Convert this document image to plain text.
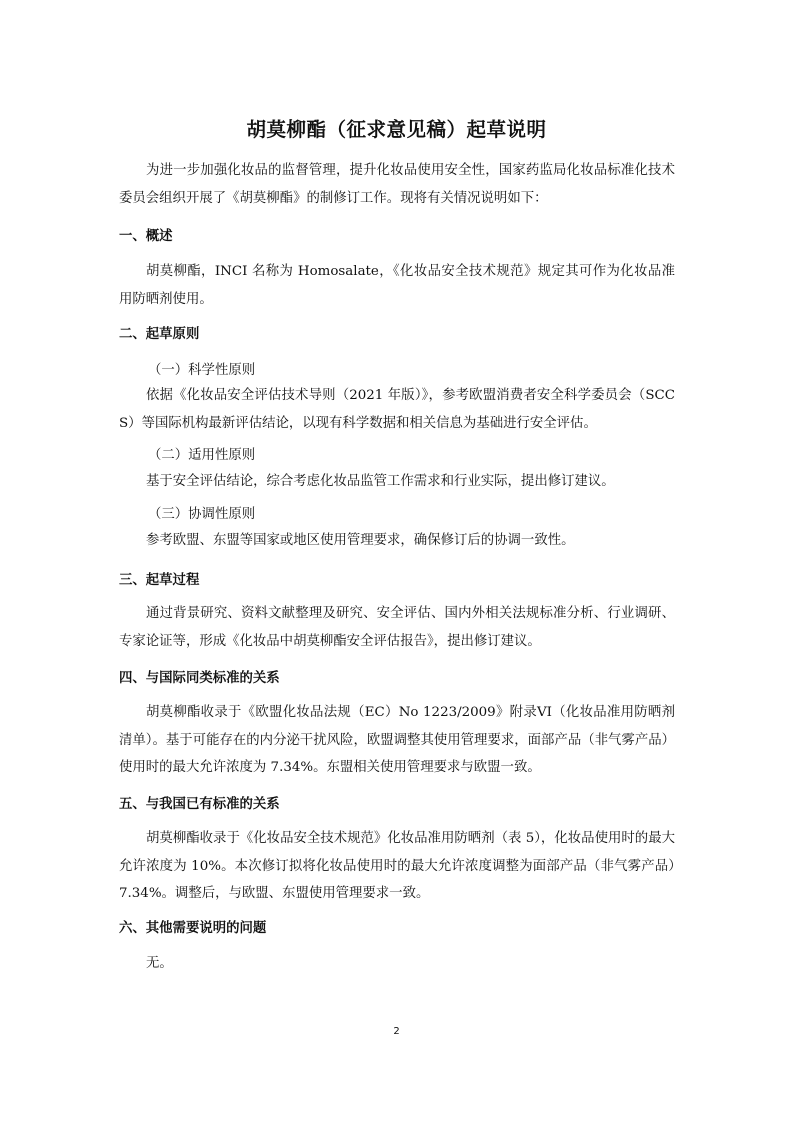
胡莫柳酯（征求意见稿）起草说明

为进一步加强化妆品的监督管理，提升化妆品使用安全性，国家药监局化妆品标准化技术委员会组织开展了《胡莫柳酯》的制修订工作。现将有关情况说明如下：

一、概述

胡莫柳酯，INCI 名称为 Homosalate，《化妆品安全技术规范》规定其可作为化妆品准用防晒剂使用。

二、起草原则

（一）科学性原则

依据《化妆品安全评估技术导则（2021 年版）》，参考欧盟消费者安全科学委员会（SCCS）等国际机构最新评估结论，以现有科学数据和相关信息为基础进行安全评估。

（二）适用性原则

基于安全评估结论，综合考虑化妆品监管工作需求和行业实际，提出修订建议。

（三）协调性原则

参考欧盟、东盟等国家或地区使用管理要求，确保修订后的协调一致性。

三、起草过程

通过背景研究、资料文献整理及研究、安全评估、国内外相关法规标准分析、行业调研、专家论证等，形成《化妆品中胡莫柳酯安全评估报告》，提出修订建议。

四、与国际同类标准的关系

胡莫柳酯收录于《欧盟化妆品法规（EC）No 1223/2009》附录VI（化妆品准用防晒剂清单）。基于可能存在的内分泌干扰风险，欧盟调整其使用管理要求，面部产品（非气雾产品）使用时的最大允许浓度为 7.34%。东盟相关使用管理要求与欧盟一致。

五、与我国已有标准的关系

胡莫柳酯收录于《化妆品安全技术规范》化妆品准用防晒剂（表 5），化妆品使用时的最大允许浓度为 10%。本次修订拟将化妆品使用时的最大允许浓度调整为面部产品（非气雾产品）7.34%。调整后，与欧盟、东盟使用管理要求一致。

六、其他需要说明的问题

无。

2
